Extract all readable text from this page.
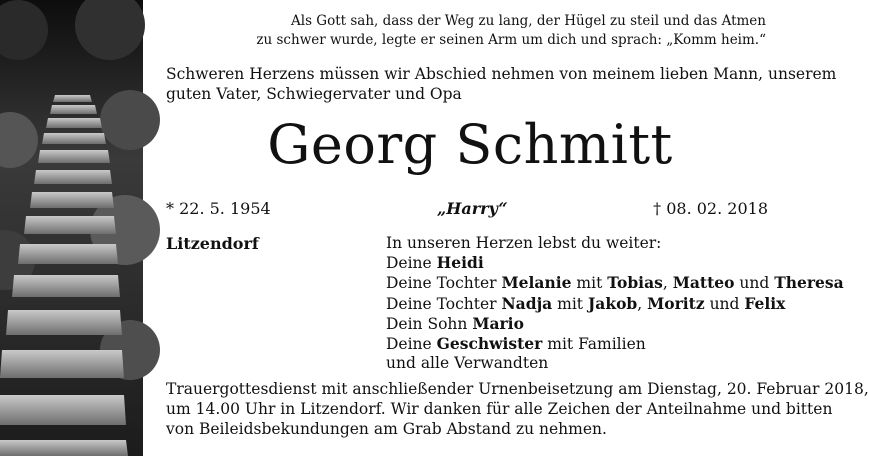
Als Gott sah, dass der Weg zu lang, der Hügel zu steil und das Atmen
zu schwer wurde, legte er seinen Arm um dich und sprach: „Komm heim.“
Schweren Herzens müssen wir Abschied nehmen von meinem lieben Mann, unserem
guten Vater, Schwiegervater und Opa
Georg Schmitt
* 22. 5. 1954	„Harry“	† 08. 02. 2018
Litzendorf	In unseren Herzen lebst du weiter:
Deine Heidi
Deine Tochter Melanie mit Tobias, Matteo und Theresa
Deine Tochter Nadja mit Jakob, Moritz und Felix
Dein Sohn Mario
Deine Geschwister mit Familien
und alle Verwandten
Trauergottesdienst mit anschließender Urnenbeisetzung am Dienstag, 20. Februar 2018,
um 14.00 Uhr in Litzendorf. Wir danken für alle Zeichen der Anteilnahme und bitten
von Beileidsbekundungen am Grab Abstand zu nehmen.
